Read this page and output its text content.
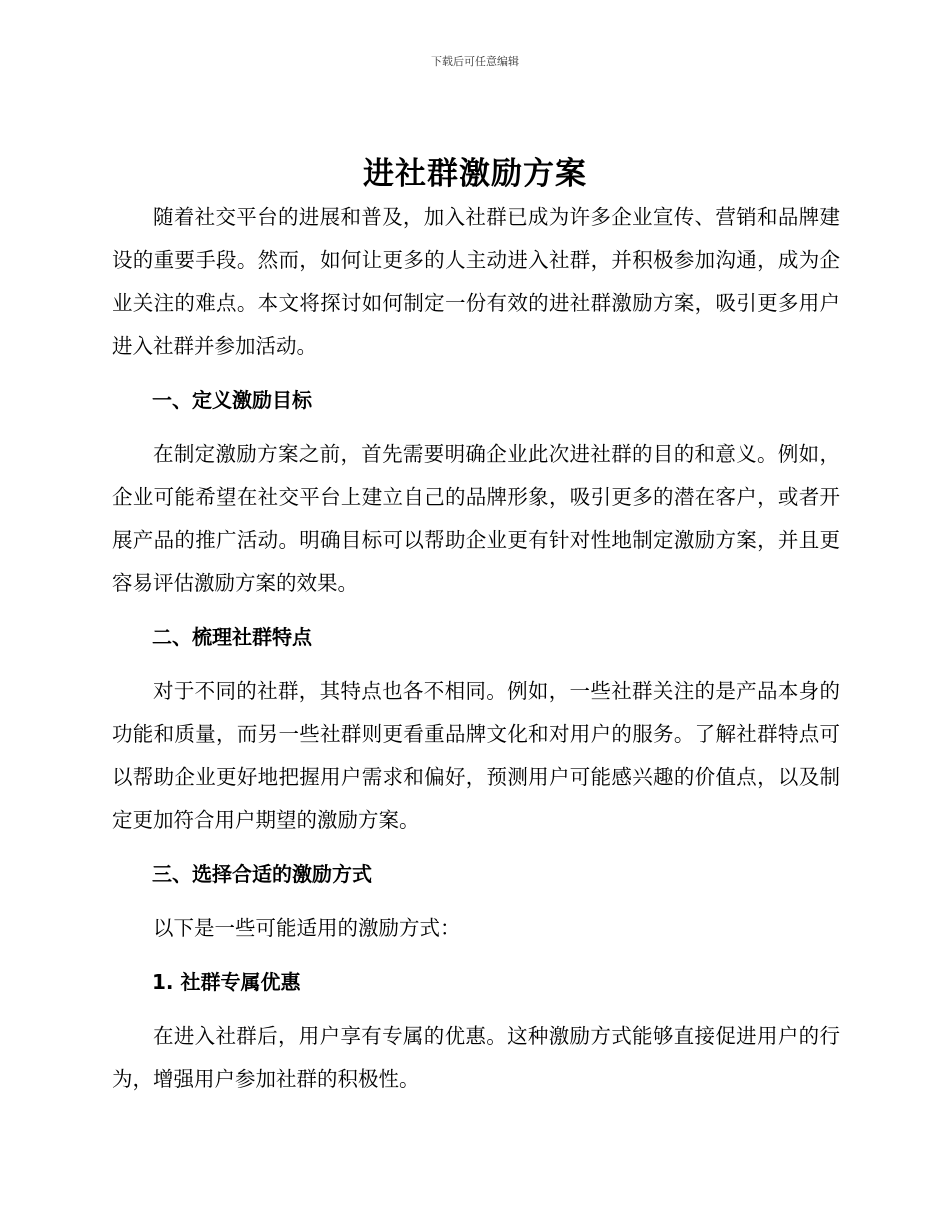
下载后可任意编辑
进社群激励方案

随着社交平台的进展和普及，加入社群已成为许多企业宣传、营销和品牌建设的重要手段。然而，如何让更多的人主动进入社群，并积极参加沟通，成为企业关注的难点。本文将探讨如何制定一份有效的进社群激励方案，吸引更多用户进入社群并参加活动。

一、定义激励目标

在制定激励方案之前，首先需要明确企业此次进社群的目的和意义。例如，企业可能希望在社交平台上建立自己的品牌形象，吸引更多的潜在客户，或者开展产品的推广活动。明确目标可以帮助企业更有针对性地制定激励方案，并且更容易评估激励方案的效果。

二、梳理社群特点

对于不同的社群，其特点也各不相同。例如，一些社群关注的是产品本身的功能和质量，而另一些社群则更看重品牌文化和对用户的服务。了解社群特点可以帮助企业更好地把握用户需求和偏好，预测用户可能感兴趣的价值点，以及制定更加符合用户期望的激励方案。

三、选择合适的激励方式

以下是一些可能适用的激励方式：

1. 社群专属优惠

在进入社群后，用户享有专属的优惠。这种激励方式能够直接促进用户的行为，增强用户参加社群的积极性。
